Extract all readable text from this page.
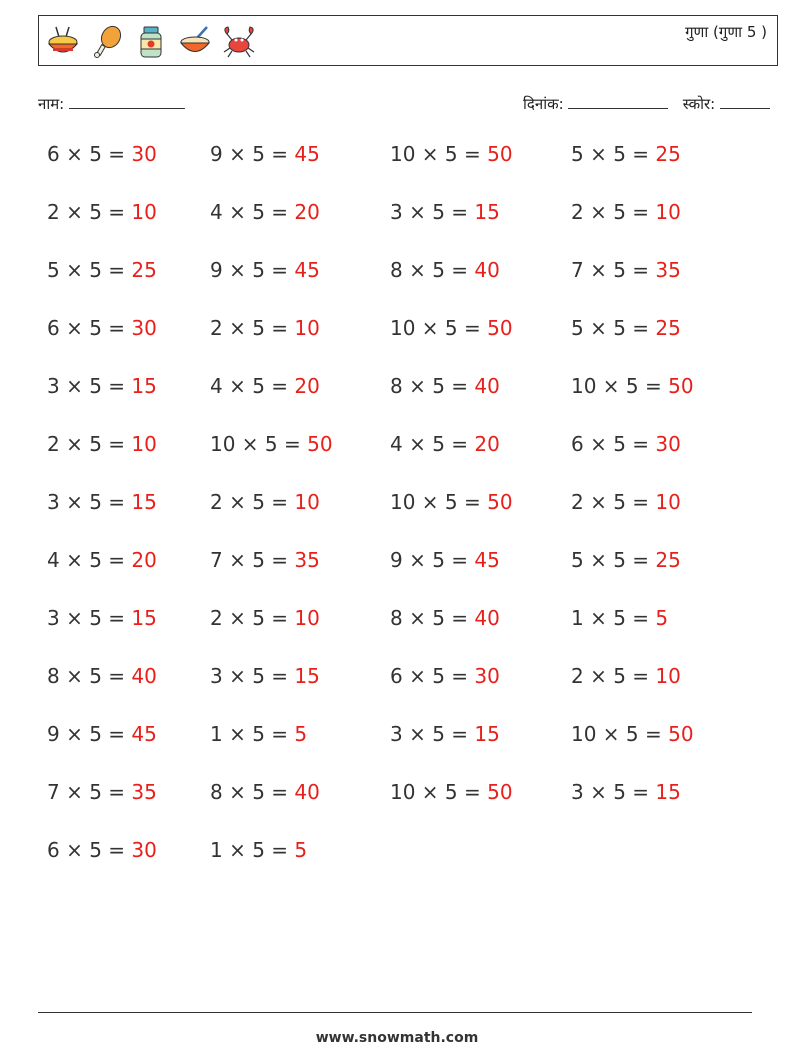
गुणा (गुणा 5 )
नाम:	दिनांक:	स्कोर:
6 × 5 = 30	9 × 5 = 45	10 × 5 = 50	5 × 5 = 25
2 × 5 = 10	4 × 5 = 20	3 × 5 = 15	2 × 5 = 10
5 × 5 = 25	9 × 5 = 45	8 × 5 = 40	7 × 5 = 35
6 × 5 = 30	2 × 5 = 10	10 × 5 = 50	5 × 5 = 25
3 × 5 = 15	4 × 5 = 20	8 × 5 = 40	10 × 5 = 50
2 × 5 = 10	10 × 5 = 50	4 × 5 = 20	6 × 5 = 30
3 × 5 = 15	2 × 5 = 10	10 × 5 = 50	2 × 5 = 10
4 × 5 = 20	7 × 5 = 35	9 × 5 = 45	5 × 5 = 25
3 × 5 = 15	2 × 5 = 10	8 × 5 = 40	1 × 5 = 5
8 × 5 = 40	3 × 5 = 15	6 × 5 = 30	2 × 5 = 10
9 × 5 = 45	1 × 5 = 5	3 × 5 = 15	10 × 5 = 50
7 × 5 = 35	8 × 5 = 40	10 × 5 = 50	3 × 5 = 15
6 × 5 = 30	1 × 5 = 5
www.snowmath.com
